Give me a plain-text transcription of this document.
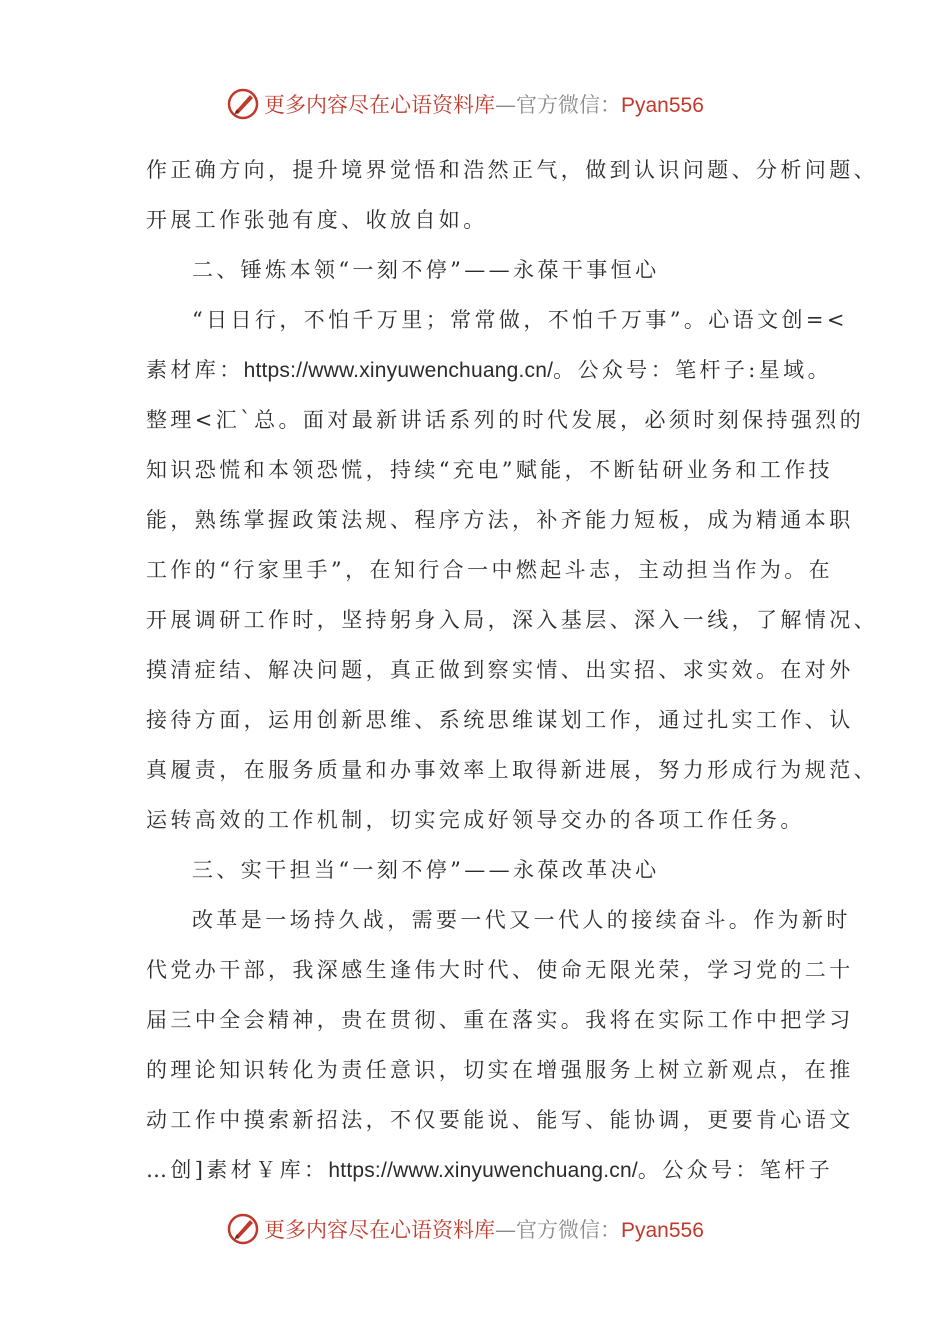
更多内容尽在心语资料库—官方微信：Pyan556
作正确方向，提升境界觉悟和浩然正气，做到认识问题、分析问题、
开展工作张弛有度、收放自如。
二、锤炼本领“一刻不停”——永葆干事恒心
“日日行，不怕千万里；常常做，不怕千万事”。心语文创=<
素材库：https://www.xinyuwenchuang.cn/。公众号：笔杆子:星域。
整理<汇`总。面对最新讲话系列的时代发展，必须时刻保持强烈的
知识恐慌和本领恐慌，持续“充电”赋能，不断钻研业务和工作技
能，熟练掌握政策法规、程序方法，补齐能力短板，成为精通本职
工作的“行家里手”，在知行合一中燃起斗志，主动担当作为。在
开展调研工作时，坚持躬身入局，深入基层、深入一线，了解情况、
摸清症结、解决问题，真正做到察实情、出实招、求实效。在对外
接待方面，运用创新思维、系统思维谋划工作，通过扎实工作、认
真履责，在服务质量和办事效率上取得新进展，努力形成行为规范、
运转高效的工作机制，切实完成好领导交办的各项工作任务。
三、实干担当“一刻不停”——永葆改革决心
改革是一场持久战，需要一代又一代人的接续奋斗。作为新时
代党办干部，我深感生逢伟大时代、使命无限光荣，学习党的二十
届三中全会精神，贵在贯彻、重在落实。我将在实际工作中把学习
的理论知识转化为责任意识，切实在增强服务上树立新观点，在推
动工作中摸索新招法，不仅要能说、能写、能协调，更要肯心语文
…创]素材￥库：https://www.xinyuwenchuang.cn/。公众号：笔杆子
更多内容尽在心语资料库—官方微信：Pyan556
